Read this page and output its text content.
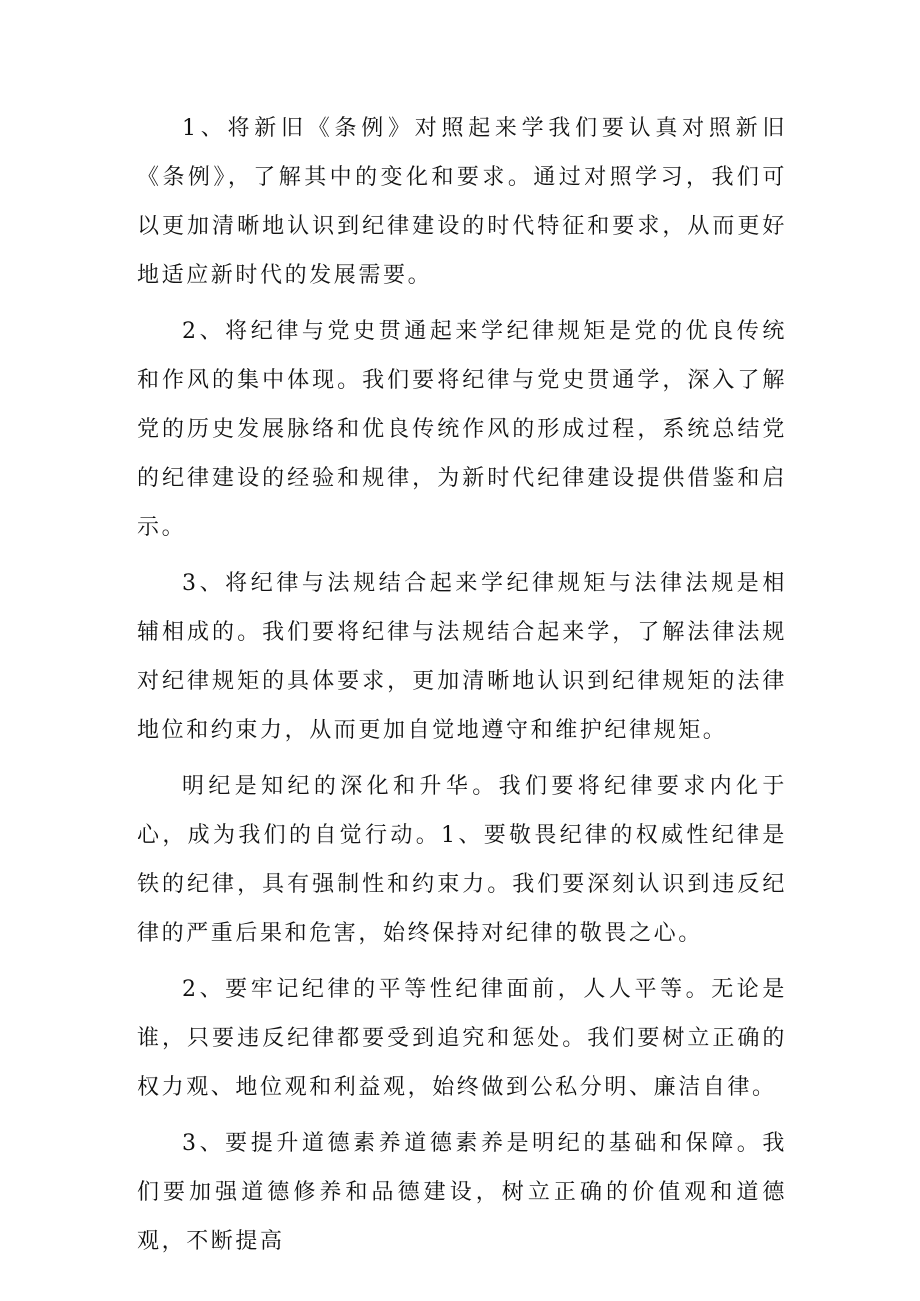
1、将新旧《条例》对照起来学我们要认真对照新旧《条例》，了解其中的变化和要求。通过对照学习，我们可以更加清晰地认识到纪律建设的时代特征和要求，从而更好地适应新时代的发展需要。

2、将纪律与党史贯通起来学纪律规矩是党的优良传统和作风的集中体现。我们要将纪律与党史贯通学，深入了解党的历史发展脉络和优良传统作风的形成过程，系统总结党的纪律建设的经验和规律，为新时代纪律建设提供借鉴和启示。

3、将纪律与法规结合起来学纪律规矩与法律法规是相辅相成的。我们要将纪律与法规结合起来学，了解法律法规对纪律规矩的具体要求，更加清晰地认识到纪律规矩的法律地位和约束力，从而更加自觉地遵守和维护纪律规矩。

明纪是知纪的深化和升华。我们要将纪律要求内化于心，成为我们的自觉行动。1、要敬畏纪律的权威性纪律是铁的纪律，具有强制性和约束力。我们要深刻认识到违反纪律的严重后果和危害，始终保持对纪律的敬畏之心。

2、要牢记纪律的平等性纪律面前，人人平等。无论是谁，只要违反纪律都要受到追究和惩处。我们要树立正确的权力观、地位观和利益观，始终做到公私分明、廉洁自律。

3、要提升道德素养道德素养是明纪的基础和保障。我们要加强道德修养和品德建设，树立正确的价值观和道德观，不断提高
